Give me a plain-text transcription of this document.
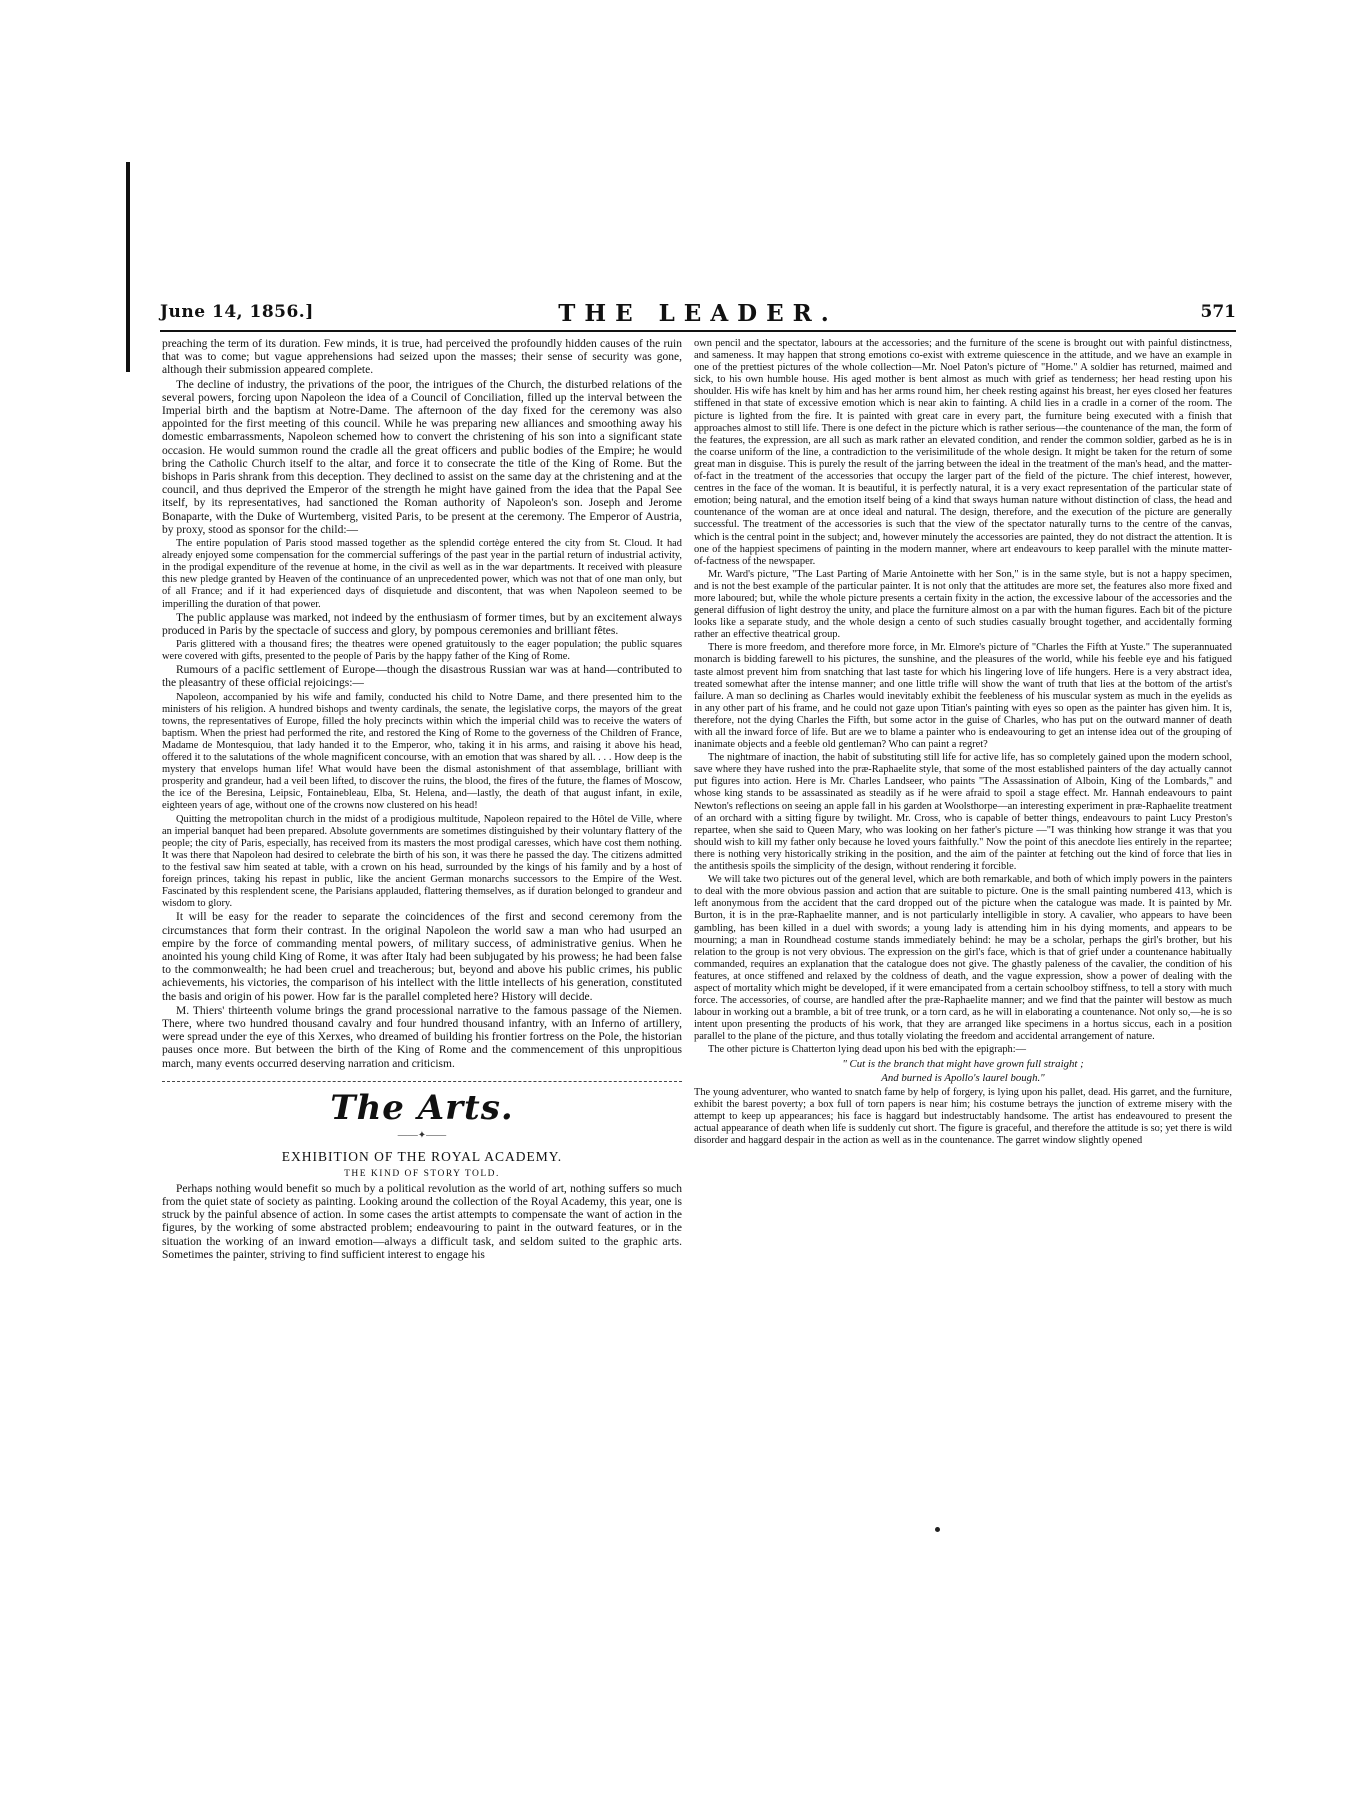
June 14, 1856.]	THE LEADER.	571

preaching the term of its duration. Few minds, it is true, had perceived the profoundly hidden causes of the ruin that was to come; but vague apprehensions had seized upon the masses; their sense of security was gone, although their submission appeared complete.

The decline of industry, the privations of the poor, the intrigues of the Church, the disturbed relations of the several powers, forcing upon Napoleon the idea of a Council of Conciliation, filled up the interval between the Imperial birth and the baptism at Notre-Dame. The afternoon of the day fixed for the ceremony was also appointed for the first meeting of this council. While he was preparing new alliances and smoothing away his domestic embarrassments, Napoleon schemed how to convert the christening of his son into a significant state occasion. He would summon round the cradle all the great officers and public bodies of the Empire; he would bring the Catholic Church itself to the altar, and force it to consecrate the title of the King of Rome. But the bishops in Paris shrank from this deception. They declined to assist on the same day at the christening and at the council, and thus deprived the Emperor of the strength he might have gained from the idea that the Papal See itself, by its representatives, had sanctioned the Roman authority of Napoleon's son. Joseph and Jerome Bonaparte, with the Duke of Wurtemberg, visited Paris, to be present at the ceremony. The Emperor of Austria, by proxy, stood as sponsor for the child:—

The entire population of Paris stood massed together as the splendid cortège entered the city from St. Cloud. It had already enjoyed some compensation for the commercial sufferings of the past year in the partial return of industrial activity, in the prodigal expenditure of the revenue at home, in the civil as well as in the war departments. It received with pleasure this new pledge granted by Heaven of the continuance of an unprecedented power, which was not that of one man only, but of all France; and if it had experienced days of disquietude and discontent, that was when Napoleon seemed to be imperilling the duration of that power.

The public applause was marked, not indeed by the enthusiasm of former times, but by an excitement always produced in Paris by the spectacle of success and glory, by pompous ceremonies and brilliant fêtes.

Paris glittered with a thousand fires; the theatres were opened gratuitously to the eager population; the public squares were covered with gifts, presented to the people of Paris by the happy father of the King of Rome.

Rumours of a pacific settlement of Europe—though the disastrous Russian war was at hand—contributed to the pleasantry of these official rejoicings:—

Napoleon, accompanied by his wife and family, conducted his child to Notre Dame, and there presented him to the ministers of his religion. A hundred bishops and twenty cardinals, the senate, the legislative corps, the mayors of the great towns, the representatives of Europe, filled the holy precincts within which the imperial child was to receive the waters of baptism. When the priest had performed the rite, and restored the King of Rome to the governess of the Children of France, Madame de Montesquiou, that lady handed it to the Emperor, who, taking it in his arms, and raising it above his head, offered it to the salutations of the whole magnificent concourse, with an emotion that was shared by all. . . . How deep is the mystery that envelops human life! What would have been the dismal astonishment of that assemblage, brilliant with prosperity and grandeur, had a veil been lifted, to discover the ruins, the blood, the fires of the future, the flames of Moscow, the ice of the Beresina, Leipsic, Fontainebleau, Elba, St. Helena, and—lastly, the death of that august infant, in exile, eighteen years of age, without one of the crowns now clustered on his head!

Quitting the metropolitan church in the midst of a prodigious multitude, Napoleon repaired to the Hôtel de Ville, where an imperial banquet had been prepared. Absolute governments are sometimes distinguished by their voluntary flattery of the people; the city of Paris, especially, has received from its masters the most prodigal caresses, which have cost them nothing. It was there that Napoleon had desired to celebrate the birth of his son, it was there he passed the day. The citizens admitted to the festival saw him seated at table, with a crown on his head, surrounded by the kings of his family and by a host of foreign princes, taking his repast in public, like the ancient German monarchs successors to the Empire of the West. Fascinated by this resplendent scene, the Parisians applauded, flattering themselves, as if duration belonged to grandeur and wisdom to glory.

It will be easy for the reader to separate the coincidences of the first and second ceremony from the circumstances that form their contrast. In the original Napoleon the world saw a man who had usurped an empire by the force of commanding mental powers, of military success, of administrative genius. When he anointed his young child King of Rome, it was after Italy had been subjugated by his prowess; he had been false to the commonwealth; he had been cruel and treacherous; but, beyond and above his public crimes, his public achievements, his victories, the comparison of his intellect with the little intellects of his generation, constituted the basis and origin of his power. How far is the parallel completed here? History will decide.

M. Thiers' thirteenth volume brings the grand processional narrative to the famous passage of the Niemen. There, where two hundred thousand cavalry and four hundred thousand infantry, with an Inferno of artillery, were spread under the eye of this Xerxes, who dreamed of building his frontier fortress on the Pole, the historian pauses once more. But between the birth of the King of Rome and the commencement of this unpropitious march, many events occurred deserving narration and criticism.

The Arts.
——✦——
EXHIBITION OF THE ROYAL ACADEMY.
THE KIND OF STORY TOLD.

Perhaps nothing would benefit so much by a political revolution as the world of art, nothing suffers so much from the quiet state of society as painting. Looking around the collection of the Royal Academy, this year, one is struck by the painful absence of action. In some cases the artist attempts to compensate the want of action in the figures, by the working of some abstracted problem; endeavouring to paint in the outward features, or in the situation the working of an inward emotion—always a difficult task, and seldom suited to the graphic arts. Sometimes the painter, striving to find sufficient interest to engage his

own pencil and the spectator, labours at the accessories; and the furniture of the scene is brought out with painful distinctness, and sameness. It may happen that strong emotions co-exist with extreme quiescence in the attitude, and we have an example in one of the prettiest pictures of the whole collection—Mr. Noel Paton's picture of "Home." A soldier has returned, maimed and sick, to his own humble house. His aged mother is bent almost as much with grief as tenderness; her head resting upon his shoulder. His wife has knelt by him and has her arms round him, her cheek resting against his breast, her eyes closed her features stiffened in that state of excessive emotion which is near akin to fainting. A child lies in a cradle in a corner of the room. The picture is lighted from the fire. It is painted with great care in every part, the furniture being executed with a finish that approaches almost to still life. There is one defect in the picture which is rather serious—the countenance of the man, the form of the features, the expression, are all such as mark rather an elevated condition, and render the common soldier, garbed as he is in the coarse uniform of the line, a contradiction to the verisimilitude of the whole design. It might be taken for the return of some great man in disguise. This is purely the result of the jarring between the ideal in the treatment of the man's head, and the matter-of-fact in the treatment of the accessories that occupy the larger part of the field of the picture. The chief interest, however, centres in the face of the woman. It is beautiful, it is perfectly natural, it is a very exact representation of the particular state of emotion; being natural, and the emotion itself being of a kind that sways human nature without distinction of class, the head and countenance of the woman are at once ideal and natural. The design, therefore, and the execution of the picture are generally successful. The treatment of the accessories is such that the view of the spectator naturally turns to the centre of the canvas, which is the central point in the subject; and, however minutely the accessories are painted, they do not distract the attention. It is one of the happiest specimens of painting in the modern manner, where art endeavours to keep parallel with the minute matter-of-factness of the newspaper.

Mr. Ward's picture, "The Last Parting of Marie Antoinette with her Son," is in the same style, but is not a happy specimen, and is not the best example of the particular painter. It is not only that the attitudes are more set, the features also more fixed and more laboured; but, while the whole picture presents a certain fixity in the action, the excessive labour of the accessories and the general diffusion of light destroy the unity, and place the furniture almost on a par with the human figures. Each bit of the picture looks like a separate study, and the whole design a cento of such studies casually brought together, and accidentally forming rather an effective theatrical group.

There is more freedom, and therefore more force, in Mr. Elmore's picture of "Charles the Fifth at Yuste." The superannuated monarch is bidding farewell to his pictures, the sunshine, and the pleasures of the world, while his feeble eye and his fatigued taste almost prevent him from snatching that last taste for which his lingering love of life hungers. Here is a very abstract idea, treated somewhat after the intense manner; and one little trifle will show the want of truth that lies at the bottom of the artist's failure. A man so declining as Charles would inevitably exhibit the feebleness of his muscular system as much in the eyelids as in any other part of his frame, and he could not gaze upon Titian's painting with eyes so open as the painter has given him. It is, therefore, not the dying Charles the Fifth, but some actor in the guise of Charles, who has put on the outward manner of death with all the inward force of life. But are we to blame a painter who is endeavouring to get an intense idea out of the grouping of inanimate objects and a feeble old gentleman? Who can paint a regret?

The nightmare of inaction, the habit of substituting still life for active life, has so completely gained upon the modern school, save where they have rushed into the præ-Raphaelite style, that some of the most established painters of the day actually cannot put figures into action. Here is Mr. Charles Landseer, who paints "The Assassination of Alboin, King of the Lombards," and whose king stands to be assassinated as steadily as if he were afraid to spoil a stage effect. Mr. Hannah endeavours to paint Newton's reflections on seeing an apple fall in his garden at Woolsthorpe—an interesting experiment in præ-Raphaelite treatment of an orchard with a sitting figure by twilight. Mr. Cross, who is capable of better things, endeavours to paint Lucy Preston's repartee, when she said to Queen Mary, who was looking on her father's picture —"I was thinking how strange it was that you should wish to kill my father only because he loved yours faithfully." Now the point of this anecdote lies entirely in the repartee; there is nothing very historically striking in the position, and the aim of the painter at fetching out the kind of force that lies in the antithesis spoils the simplicity of the design, without rendering it forcible.

We will take two pictures out of the general level, which are both remarkable, and both of which imply powers in the painters to deal with the more obvious passion and action that are suitable to picture. One is the small painting numbered 413, which is left anonymous from the accident that the card dropped out of the picture when the catalogue was made. It is painted by Mr. Burton, it is in the præ-Raphaelite manner, and is not particularly intelligible in story. A cavalier, who appears to have been gambling, has been killed in a duel with swords; a young lady is attending him in his dying moments, and appears to be mourning; a man in Roundhead costume stands immediately behind: he may be a scholar, perhaps the girl's brother, but his relation to the group is not very obvious. The expression on the girl's face, which is that of grief under a countenance habitually commanded, requires an explanation that the catalogue does not give. The ghastly paleness of the cavalier, the condition of his features, at once stiffened and relaxed by the coldness of death, and the vague expression, show a power of dealing with the aspect of mortality which might be developed, if it were emancipated from a certain schoolboy stiffness, to tell a story with much force. The accessories, of course, are handled after the præ-Raphaelite manner; and we find that the painter will bestow as much labour in working out a bramble, a bit of tree trunk, or a torn card, as he will in elaborating a countenance. Not only so,—he is so intent upon presenting the products of his work, that they are arranged like specimens in a hortus siccus, each in a position parallel to the plane of the picture, and thus totally violating the freedom and accidental arrangement of nature.

The other picture is Chatterton lying dead upon his bed with the epigraph:—

" Cut is the branch that might have grown full straight ;
And burned is Apollo's laurel bough."

The young adventurer, who wanted to snatch fame by help of forgery, is lying upon his pallet, dead. His garret, and the furniture, exhibit the barest poverty; a box full of torn papers is near him; his costume betrays the junction of extreme misery with the attempt to keep up appearances; his face is haggard but indestructably handsome. The artist has endeavoured to present the actual appearance of death when life is suddenly cut short. The figure is graceful, and therefore the attitude is so; yet there is wild disorder and haggard despair in the action as well as in the countenance. The garret window slightly opened
